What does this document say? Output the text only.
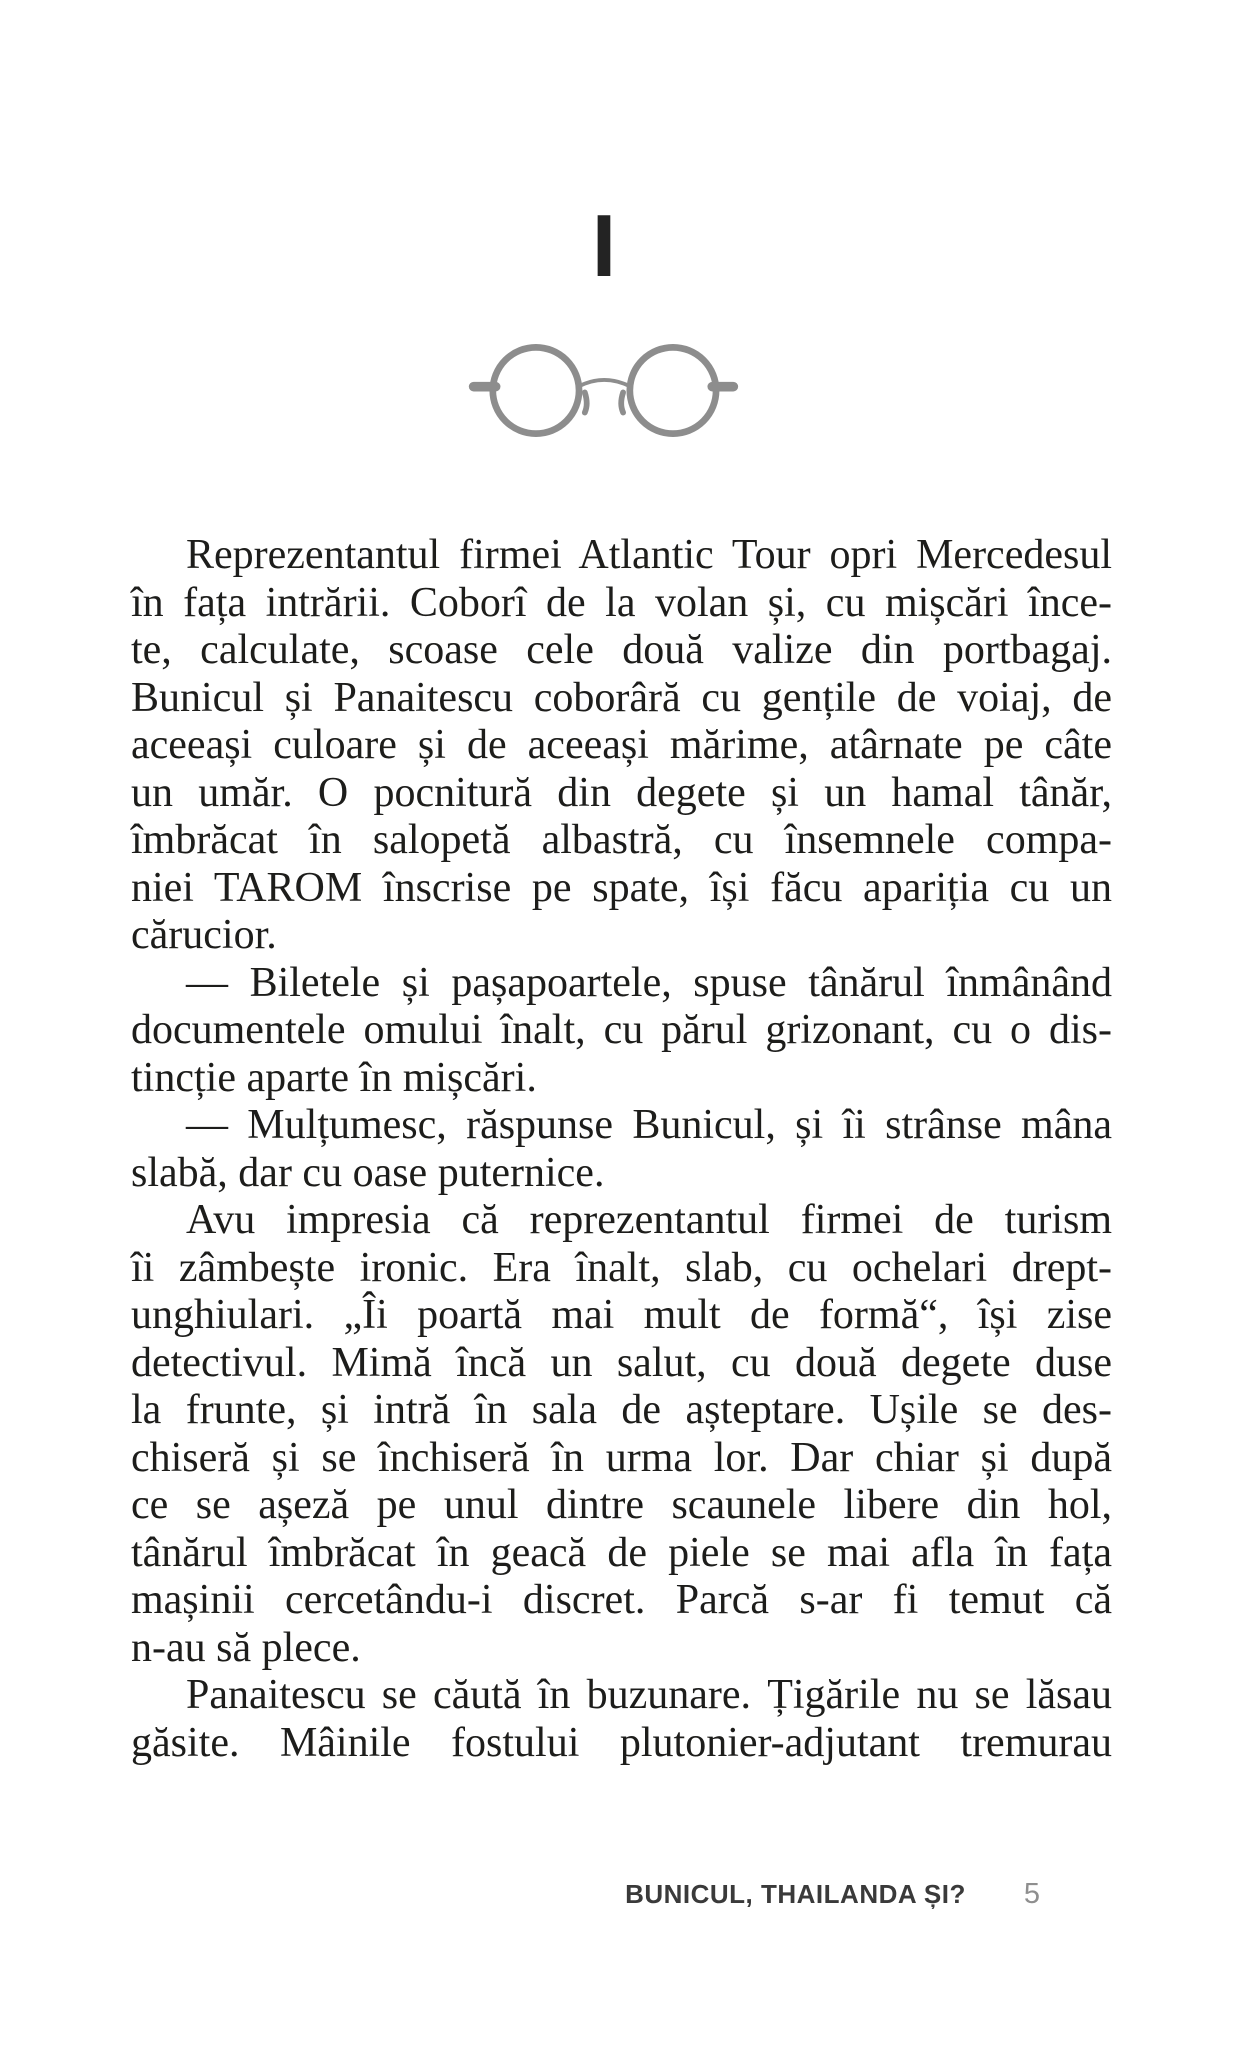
I
Reprezentantul firmei Atlantic Tour opri Mercedesul
în fața intrării. Coborî de la volan și, cu mișcări înce-
te, calculate, scoase cele două valize din portbagaj.
Bunicul și Panaitescu coborâră cu gențile de voiaj, de
aceeași culoare și de aceeași mărime, atârnate pe câte
un umăr. O pocnitură din degete și un hamal tânăr,
îmbrăcat în salopetă albastră, cu însemnele compa-
niei TAROM înscrise pe spate, își făcu apariția cu un
cărucior.
— Biletele și pașapoartele, spuse tânărul înmânând
documentele omului înalt, cu părul grizonant, cu o dis-
tincție aparte în mișcări.
— Mulțumesc, răspunse Bunicul, și îi strânse mâna
slabă, dar cu oase puternice.
Avu impresia că reprezentantul firmei de turism
îi zâmbește ironic. Era înalt, slab, cu ochelari drept-
unghiulari. „Îi poartă mai mult de formă“, își zise
detectivul. Mimă încă un salut, cu două degete duse
la frunte, și intră în sala de așteptare. Ușile se des-
chiseră și se închiseră în urma lor. Dar chiar și după
ce se așeză pe unul dintre scaunele libere din hol,
tânărul îmbrăcat în geacă de piele se mai afla în fața
mașinii cercetându-i discret. Parcă s-ar fi temut că
n-au să plece.
Panaitescu se căută în buzunare. Țigările nu se lăsau
găsite. Mâinile fostului plutonier-adjutant tremurau
BUNICUL, THAILANDA ȘI? 5
